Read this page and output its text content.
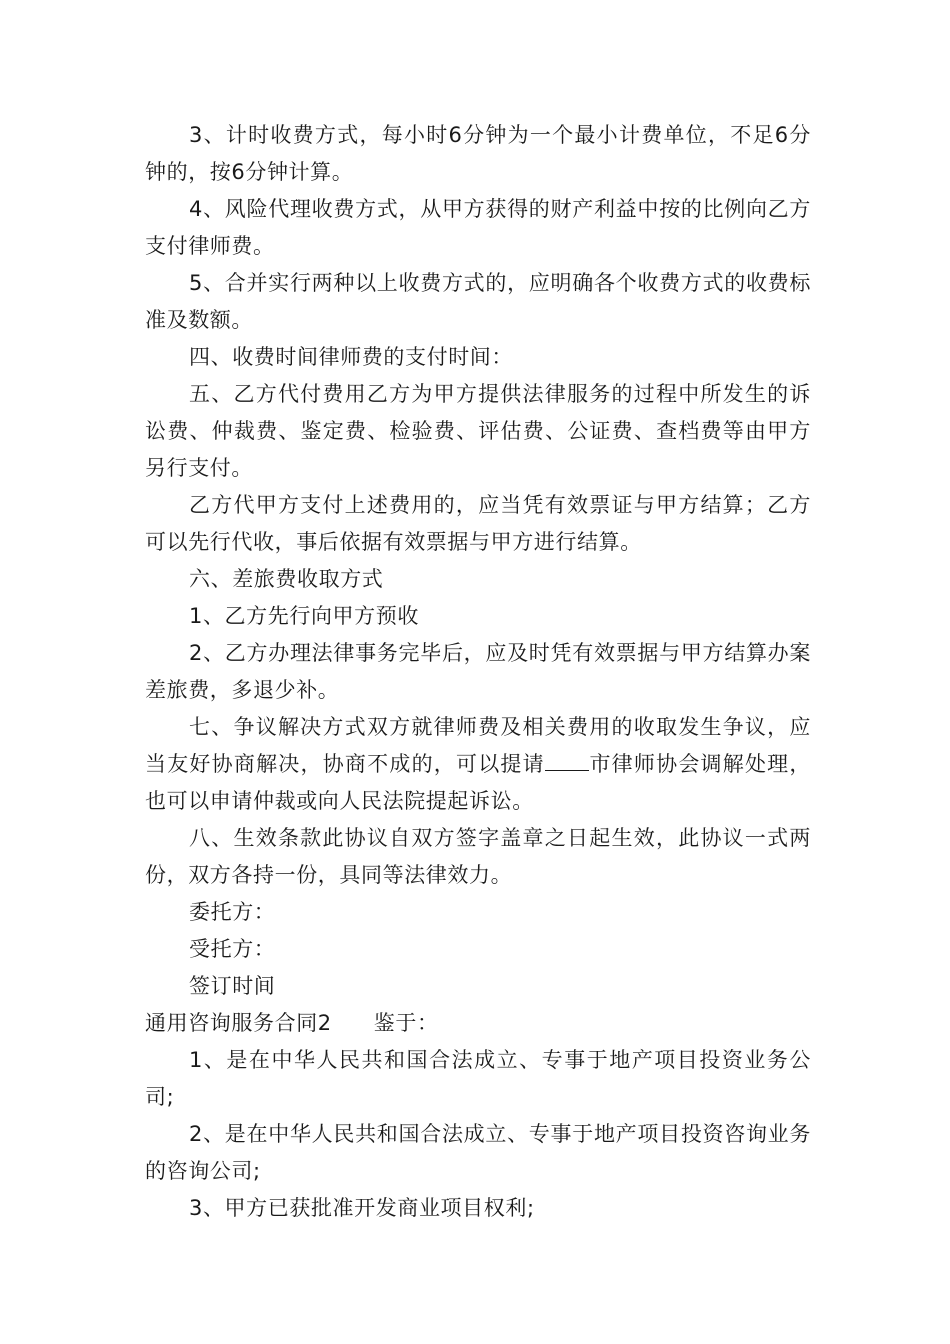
3、计时收费方式，每小时6分钟为一个最小计费单位，不足6分钟的，按6分钟计算。

4、风险代理收费方式，从甲方获得的财产利益中按的比例向乙方支付律师费。

5、合并实行两种以上收费方式的，应明确各个收费方式的收费标准及数额。

四、收费时间律师费的支付时间：

五、乙方代付费用乙方为甲方提供法律服务的过程中所发生的诉讼费、仲裁费、鉴定费、检验费、评估费、公证费、查档费等由甲方另行支付。

乙方代甲方支付上述费用的，应当凭有效票证与甲方结算；乙方可以先行代收，事后依据有效票据与甲方进行结算。

六、差旅费收取方式

1、乙方先行向甲方预收

2、乙方办理法律事务完毕后，应及时凭有效票据与甲方结算办案差旅费，多退少补。

七、争议解决方式双方就律师费及相关费用的收取发生争议，应当友好协商解决，协商不成的，可以提请 市律师协会调解处理，也可以申请仲裁或向人民法院提起诉讼。

八、生效条款此协议自双方签字盖章之日起生效，此协议一式两份，双方各持一份，具同等法律效力。

委托方：

受托方：

签订时间

通用咨询服务合同2 鉴于：

1、是在中华人民共和国合法成立、专事于地产项目投资业务公司;

2、是在中华人民共和国合法成立、专事于地产项目投资咨询业务的咨询公司;

3、甲方已获批准开发商业项目权利;
